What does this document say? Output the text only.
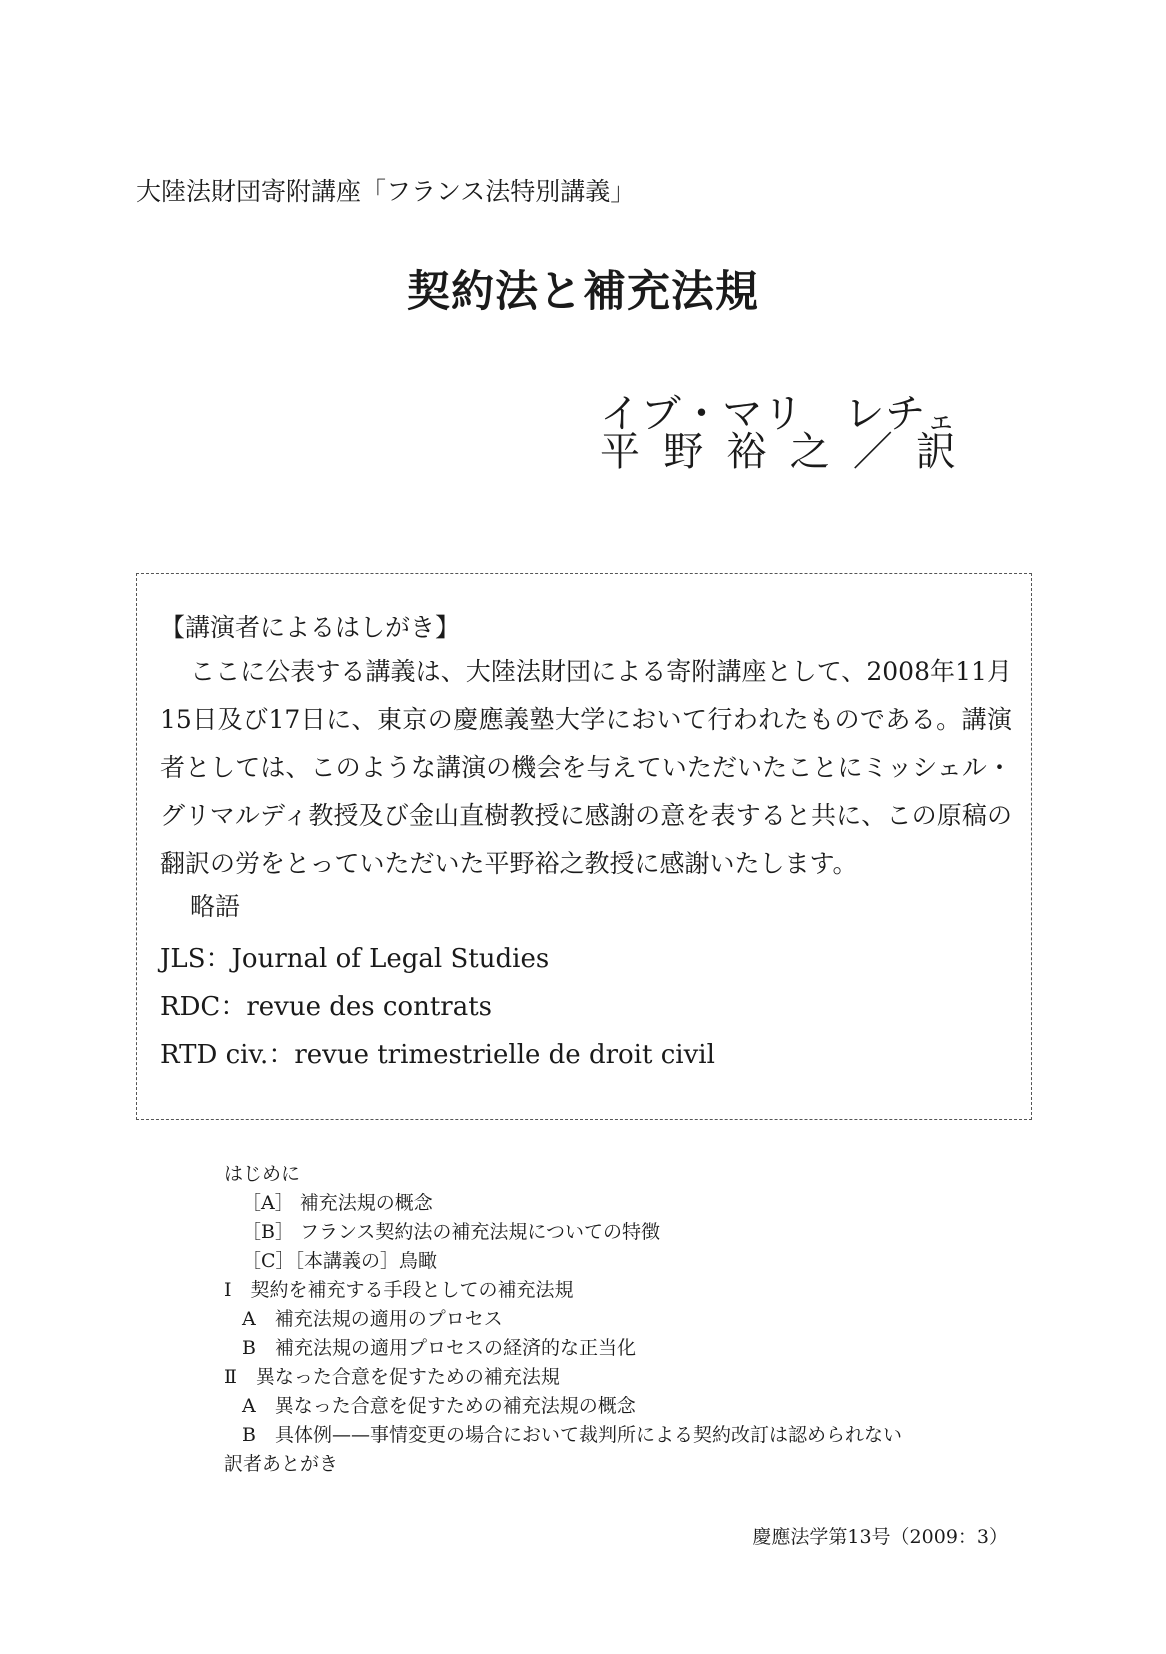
大陸法財団寄附講座「フランス法特別講義」
契約法と補充法規
イ ブ ・ マ リ
　 レ チ ェ
平 野 裕 之 ／ 訳
【講演者によるはしがき】

ここに公表する講義は、大陸法財団による寄附講座として、2008年11月15日及び17日に、東京の慶應義塾大学において行われたものである。講演者としては、このような講演の機会を与えていただいたことにミッシェル・グリマルディ教授及び金山直樹教授に感謝の意を表すると共に、この原稿の翻訳の労をとっていただいた平野裕之教授に感謝いたします。

略語
JLS：Journal of Legal Studies
RDC：revue des contrats
RTD civ.：revue trimestrielle de droit civil
はじめに
［A］ 補充法規の概念
［B］ フランス契約法の補充法規についての特徴
［C］［本講義の］鳥瞰
Ⅰ　契約を補充する手段としての補充法規
A　補充法規の適用のプロセス
B　補充法規の適用プロセスの経済的な正当化
Ⅱ　異なった合意を促すための補充法規
A　異なった合意を促すための補充法規の概念
B　具体例——事情変更の場合において裁判所による契約改訂は認められない
訳者あとがき
慶應法学第13号（2009：3）
